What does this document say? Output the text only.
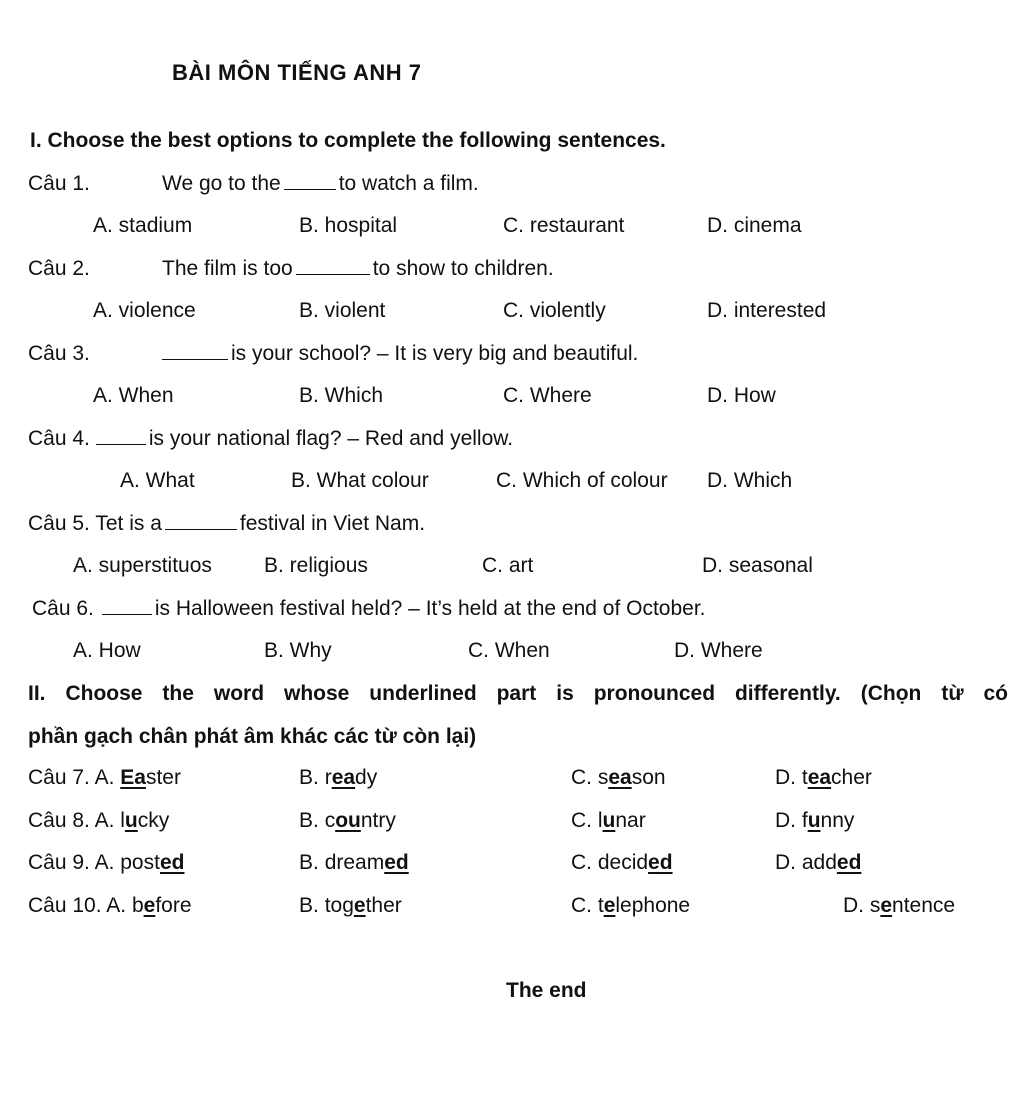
BÀI MÔN TIẾNG ANH 7
I. Choose the best options to complete the following sentences.
Câu 1.	We go to the	to watch a film.
A. stadium	B. hospital	C. restaurant	D. cinema
Câu 2.	The film is too	to show to children.
A. violence	B. violent	C. violently	D. interested
Câu 3.	is your school? – It is very big and beautiful.
A. When	B. Which	C. Where	D. How
Câu 4.	is your national flag? – Red and yellow.
A. What	B. What colour	C. Which of colour D. Which
Câu 5. Tet is a	festival in Viet Nam.
A. superstituos B. religious	C. art	D. seasonal
Câu 6.	is Halloween festival held? – It’s held at the end of October.
A. How	B. Why	C. When	D. Where
II. Choose the word whose underlined part is pronounced differently. (Chọn từ có
phần gạch chân phát âm khác các từ còn lại)
Câu 7. A. Easter	B. ready	C. season	D. teacher
Câu 8. A. lucky	B. country	C. lunar	D. funny
Câu 9. A. posted	B. dreamed	C. decided	D. added
Câu 10. A. before	B. together	C. telephone	D. sentence
The end
